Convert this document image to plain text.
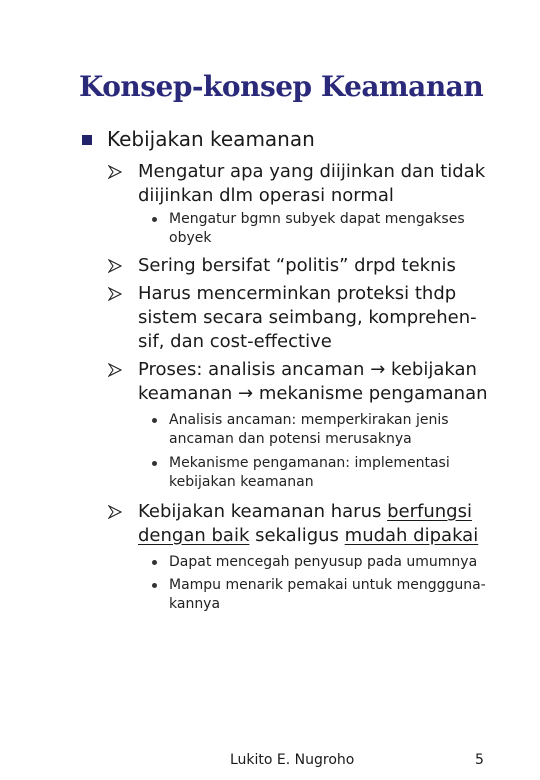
Konsep-konsep Keamanan
Kebijakan keamanan
Mengatur apa yang diijinkan dan tidak
diijinkan dlm operasi normal
Mengatur bgmn subyek dapat mengakses
obyek
Sering bersifat “politis” drpd teknis
Harus mencerminkan proteksi thdp
sistem secara seimbang, komprehen-
sif, dan cost-effective
Proses: analisis ancaman → kebijakan
keamanan → mekanisme pengamanan
Analisis ancaman: memperkirakan jenis
ancaman dan potensi merusaknya
Mekanisme pengamanan: implementasi
kebijakan keamanan
Kebijakan keamanan harus berfungsi
dengan baik sekaligus mudah dipakai
Dapat mencegah penyusup pada umumnya
Mampu menarik pemakai untuk menggguna-
kannya
Lukito E. Nugroho	5
